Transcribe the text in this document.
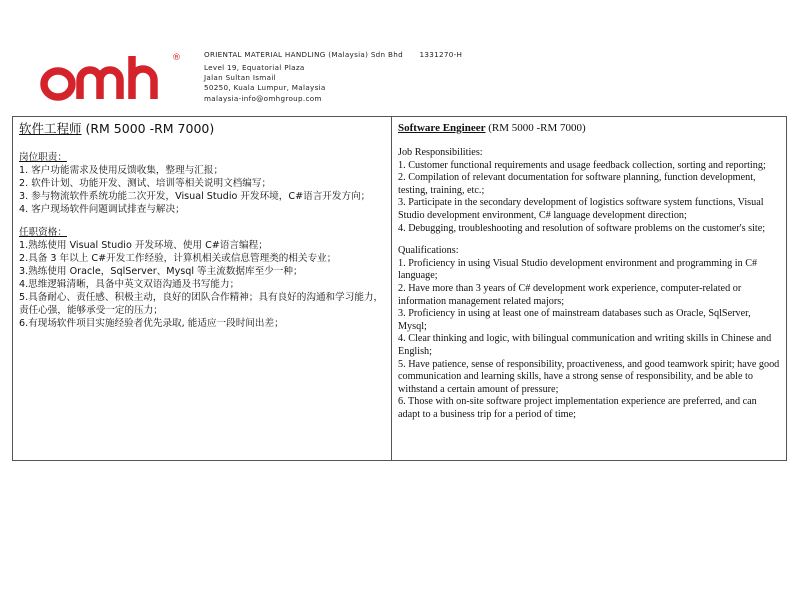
®	ORIENTAL MATERIAL HANDLING (Malaysia) Sdn Bhd 1331270-H
Level 19, Equatorial Plaza
Jalan Sultan Ismail
50250, Kuala Lumpur, Malaysia
malaysia-info@omhgroup.com
软件工程师 (RM 5000 -RM 7000)
岗位职责：
1. 客户功能需求及使用反馈收集，整理与汇报；
2. 软件计划、功能开发、测试、培训等相关说明文档编写；
3. 参与物流软件系统功能二次开发，Visual Studio 开发环境，C#语言开发方向；
4. 客户现场软件问题调试排查与解决；
任职资格：
1.熟练使用 Visual Studio 开发环境、使用 C#语言编程；
2.具备 3 年以上 C#开发工作经验，计算机相关或信息管理类的相关专业；
3.熟练使用 Oracle，SqlServer、Mysql 等主流数据库至少一种；
4.思维逻辑清晰，具备中英文双语沟通及书写能力；
5.具备耐心、责任感、积极主动，良好的团队合作精神；具有良好的沟通和学习能力，责任心强，能够承受一定的压力；
6.有现场软件项目实施经验者优先录取, 能适应一段时间出差；

Software Engineer (RM 5000 -RM 7000)
Job Responsibilities:
1. Customer functional requirements and usage feedback collection, sorting and reporting;
2. Compilation of relevant documentation for software planning, function development, testing, training, etc.;
3. Participate in the secondary development of logistics software system functions, Visual Studio development environment, C# language development direction;
4. Debugging, troubleshooting and resolution of software problems on the customer's site;
Qualifications:
1. Proficiency in using Visual Studio development environment and programming in C# language;
2. Have more than 3 years of C# development work experience, computer-related or information management related majors;
3. Proficiency in using at least one of mainstream databases such as Oracle, SqlServer, Mysql;
4. Clear thinking and logic, with bilingual communication and writing skills in Chinese and English;
5. Have patience, sense of responsibility, proactiveness, and good teamwork spirit; have good communication and learning skills, have a strong sense of responsibility, and be able to withstand a certain amount of pressure;
6. Those with on-site software project implementation experience are preferred, and can adapt to a business trip for a period of time;
